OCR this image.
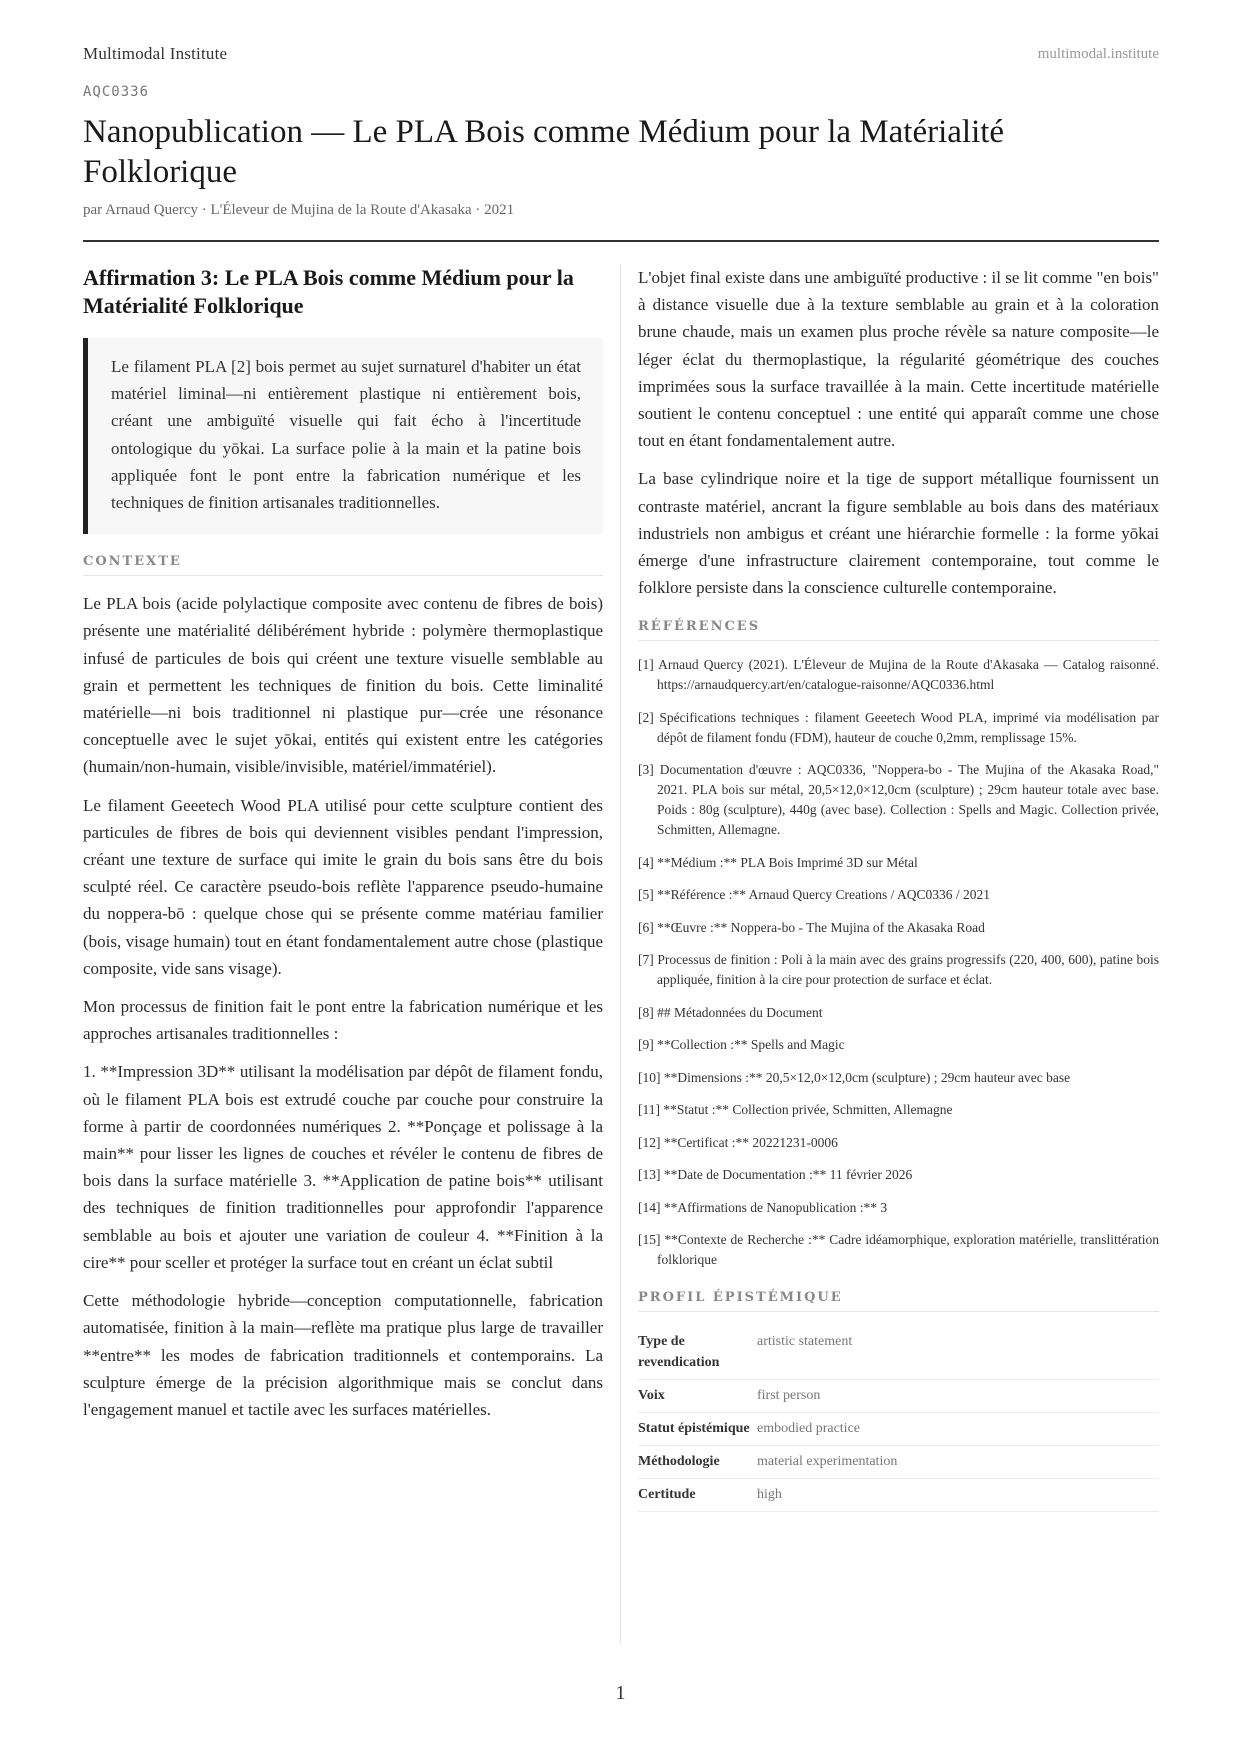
Multimodal Institute	multimodal.institute
AQC0336
Nanopublication — Le PLA Bois comme Médium pour la Matérialité Folklorique
par Arnaud Quercy · L'Éleveur de Mujina de la Route d'Akasaka · 2021
Affirmation 3: Le PLA Bois comme Médium pour la Matérialité Folklorique

Le filament PLA [2] bois permet au sujet surnaturel d'habiter un état matériel liminal—ni entièrement plastique ni entièrement bois, créant une ambiguïté visuelle qui fait écho à l'incertitude ontologique du yōkai. La surface polie à la main et la patine bois appliquée font le pont entre la fabrication numérique et les techniques de finition artisanales traditionnelles.

CONTEXTE

Le PLA bois (acide polylactique composite avec contenu de fibres de bois) présente une matérialité délibérément hybride : polymère thermoplastique infusé de particules de bois qui créent une texture visuelle semblable au grain et permettent les techniques de finition du bois. Cette liminalité matérielle—ni bois traditionnel ni plastique pur—crée une résonance conceptuelle avec le sujet yōkai, entités qui existent entre les catégories (humain/non-humain, visible/invisible, matériel/immatériel).

Le filament Geeetech Wood PLA utilisé pour cette sculpture contient des particules de fibres de bois qui deviennent visibles pendant l'impression, créant une texture de surface qui imite le grain du bois sans être du bois sculpté réel. Ce caractère pseudo-bois reflète l'apparence pseudo-humaine du noppera-bō : quelque chose qui se présente comme matériau familier (bois, visage humain) tout en étant fondamentalement autre chose (plastique composite, vide sans visage).

Mon processus de finition fait le pont entre la fabrication numérique et les approches artisanales traditionnelles :

1. **Impression 3D** utilisant la modélisation par dépôt de filament fondu, où le filament PLA bois est extrudé couche par couche pour construire la forme à partir de coordonnées numériques 2. **Ponçage et polissage à la main** pour lisser les lignes de couches et révéler le contenu de fibres de bois dans la surface matérielle 3. **Application de patine bois** utilisant des techniques de finition traditionnelles pour approfondir l'apparence semblable au bois et ajouter une variation de couleur 4. **Finition à la cire** pour sceller et protéger la surface tout en créant un éclat subtil

Cette méthodologie hybride—conception computationnelle, fabrication automatisée, finition à la main—reflète ma pratique plus large de travailler **entre** les modes de fabrication traditionnels et contemporains. La sculpture émerge de la précision algorithmique mais se conclut dans l'engagement manuel et tactile avec les surfaces matérielles.

L'objet final existe dans une ambiguïté productive : il se lit comme "en bois" à distance visuelle due à la texture semblable au grain et à la coloration brune chaude, mais un examen plus proche révèle sa nature composite—le léger éclat du thermoplastique, la régularité géométrique des couches imprimées sous la surface travaillée à la main. Cette incertitude matérielle soutient le contenu conceptuel : une entité qui apparaît comme une chose tout en étant fondamentalement autre.

La base cylindrique noire et la tige de support métallique fournissent un contraste matériel, ancrant la figure semblable au bois dans des matériaux industriels non ambigus et créant une hiérarchie formelle : la forme yōkai émerge d'une infrastructure clairement contemporaine, tout comme le folklore persiste dans la conscience culturelle contemporaine.

RÉFÉRENCES
[1] Arnaud Quercy (2021). L'Éleveur de Mujina de la Route d'Akasaka — Catalog raisonné. https://arnaudquercy.art/en/catalogue-raisonne/AQC0336.html
[2] Spécifications techniques : filament Geeetech Wood PLA, imprimé via modélisation par dépôt de filament fondu (FDM), hauteur de couche 0,2mm, remplissage 15%.
[3] Documentation d'œuvre : AQC0336, "Noppera-bo - The Mujina of the Akasaka Road," 2021. PLA bois sur métal, 20,5×12,0×12,0cm (sculpture) ; 29cm hauteur totale avec base. Poids : 80g (sculpture), 440g (avec base). Collection : Spells and Magic. Collection privée, Schmitten, Allemagne.
[4] **Médium :** PLA Bois Imprimé 3D sur Métal
[5] **Référence :** Arnaud Quercy Creations / AQC0336 / 2021
[6] **Œuvre :** Noppera-bo - The Mujina of the Akasaka Road
[7] Processus de finition : Poli à la main avec des grains progressifs (220, 400, 600), patine bois appliquée, finition à la cire pour protection de surface et éclat.
[8] ## Métadonnées du Document
[9] **Collection :** Spells and Magic
[10] **Dimensions :** 20,5×12,0×12,0cm (sculpture) ; 29cm hauteur avec base
[11] **Statut :** Collection privée, Schmitten, Allemagne
[12] **Certificat :** 20221231-0006
[13] **Date de Documentation :** 11 février 2026
[14] **Affirmations de Nanopublication :** 3
[15] **Contexte de Recherche :** Cadre idéamorphique, exploration matérielle, translittération folklorique
PROFIL ÉPISTÉMIQUE
Type de revendication	artistic statement
Voix	first person
Statut épistémique	embodied practice
Méthodologie	material experimentation
Certitude	high
1
